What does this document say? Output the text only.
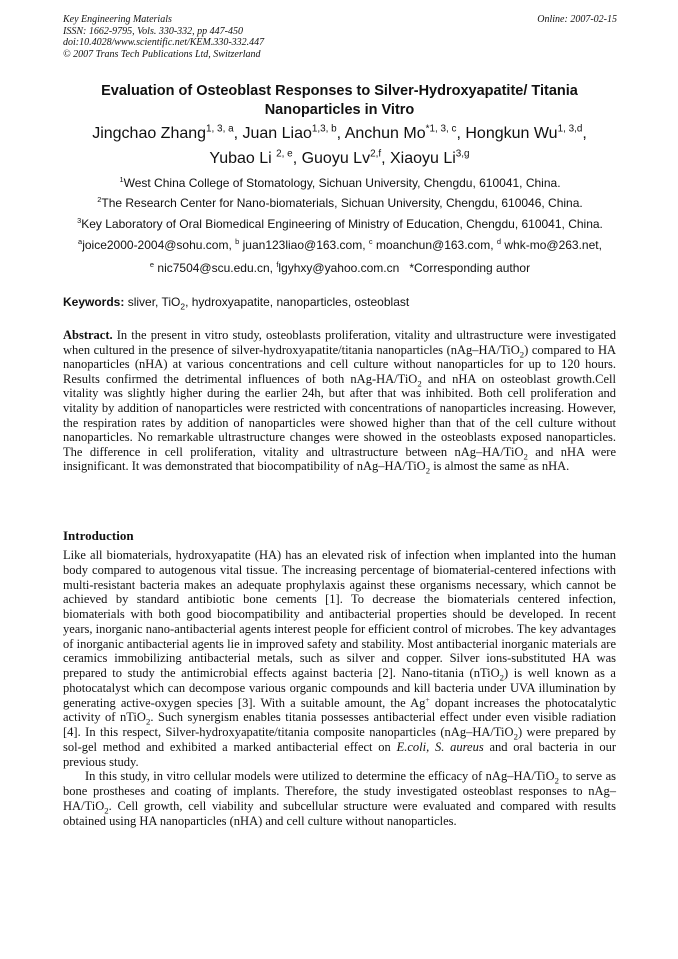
Key Engineering Materials
ISSN: 1662-9795, Vols. 330-332, pp 447-450
doi:10.4028/www.scientific.net/KEM.330-332.447
© 2007 Trans Tech Publications Ltd, Switzerland
Online: 2007-02-15
Evaluation of Osteoblast Responses to Silver-Hydroxyapatite/ Titania
Nanoparticles in Vitro
Jingchao Zhang$^{1, 3, a}$, Juan Liao$^{1,3, b}$, Anchun Mo$^{*1, 3, c}$, Hongkun Wu$^{1, 3,d}$,
Yubao Li $^{2, e}$, Guoyu Lv$^{2,f}$, Xiaoyu Li$^{3,g}$
$^1$West China College of Stomatology, Sichuan University, Chengdu, 610041, China.
$^2$The Research Center for Nano-biomaterials, Sichuan University, Chengdu, 610046, China.
$^3$Key Laboratory of Oral Biomedical Engineering of Ministry of Education, Chengdu, 610041, China.
$^a$joice2000-2004@sohu.com, $^b$ juan123liao@163.com, $^c$ moanchun@163.com, $^d$ whk-mo@263.net,
$^e$ nic7504@scu.edu.cn, $^f$lgyhxy@yahoo.com.cn *Corresponding author
Keywords: sliver, TiO$_2$, hydroxyapatite, nanoparticles, osteoblast
Abstract. In the present in vitro study, osteoblasts proliferation, vitality and ultrastructure were investigated when cultured in the presence of silver-hydroxyapatite/titania nanoparticles (nAg–HA/TiO$_2$) compared to HA nanoparticles (nHA) at various concentrations and cell culture without nanoparticles for up to 120 hours. Results confirmed the detrimental influences of both nAg-HA/TiO$_2$ and nHA on osteoblast growth.Cell vitality was slightly higher during the earlier 24h, but after that was inhibited. Both cell proliferation and vitality by addition of nanoparticles were restricted with concentrations of nanoparticles increasing. However, the respiration rates by addition of nanoparticles were showed higher than that of the cell culture without nanoparticles. No remarkable ultrastructure changes were showed in the osteoblasts exposed nanoparticles. The difference in cell proliferation, vitality and ultrastructure between nAg–HA/TiO$_2$ and nHA were insignificant. It was demonstrated that biocompatibility of nAg–HA/TiO$_2$ is almost the same as nHA.
Introduction

Like all biomaterials, hydroxyapatite (HA) has an elevated risk of infection when implanted into the human body compared to autogenous vital tissue. The increasing percentage of biomaterial-centered infections with multi-resistant bacteria makes an adequate prophylaxis against these organisms necessary, which cannot be achieved by standard antibiotic bone cements [1]. To decrease the biomaterials centered infection, biomaterials with both good biocompatibility and antibacterial properties should be developed. In recent years, inorganic nano-antibacterial agents interest people for efficient control of microbes. The key advantages of inorganic antibacterial agents lie in improved safety and stability. Most antibacterial inorganic materials are ceramics immobilizing antibacterial metals, such as silver and copper. Silver ions-substituted HA was prepared to study the antimicrobial effects against bacteria [2]. Nano-titania (nTiO$_2$) is well known as a photocatalyst which can decompose various organic compounds and kill bacteria under UVA illumination by generating active-oxygen species [3]. With a suitable amount, the Ag+ dopant increases the photocatalytic activity of nTiO$_2$. Such synergism enables titania possesses antibacterial effect under even visible radiation [4]. In this respect, Silver-hydroxyapatite/titania composite nanoparticles (nAg–HA/TiO$_2$) were prepared by sol-gel method and exhibited a marked antibacterial effect on E.coli, S. aureus and oral bacteria in our previous study.

In this study, in vitro cellular models were utilized to determine the efficacy of nAg–HA/TiO$_2$ to serve as bone prostheses and coating of implants. Therefore, the study investigated osteoblast responses to nAg–HA/TiO$_2$. Cell growth, cell viability and subcellular structure were evaluated and compared with results obtained using HA nanoparticles (nHA) and cell culture without nanoparticles.
